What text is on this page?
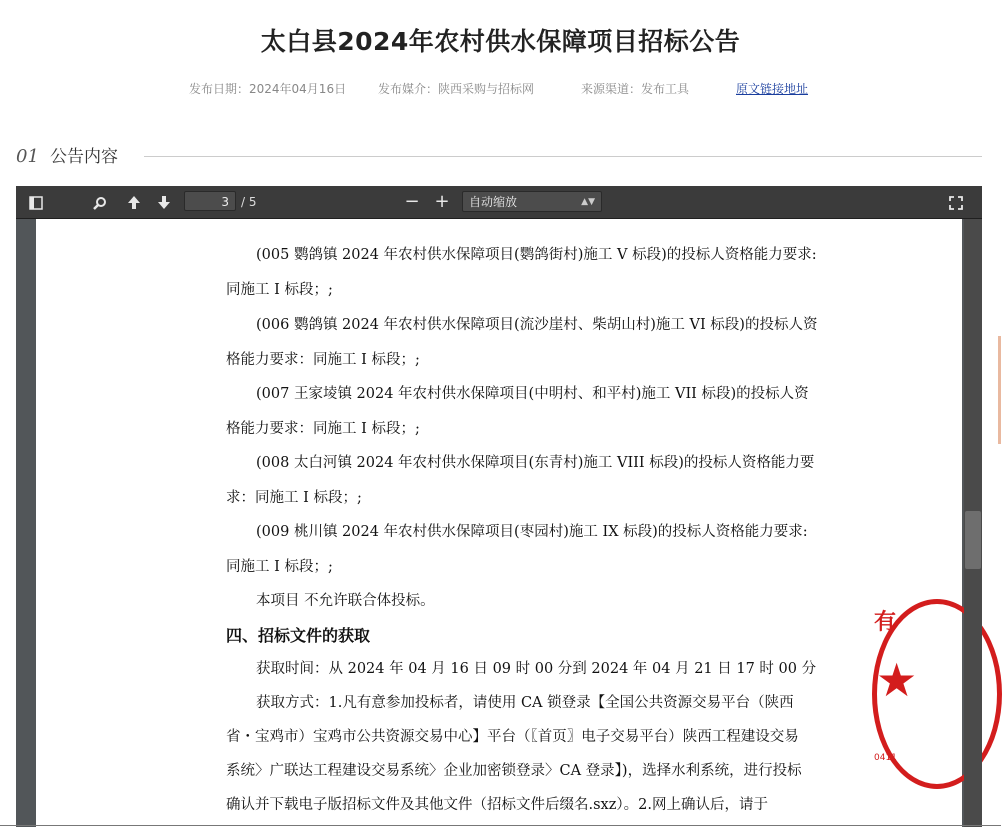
太白县2024年农村供水保障项目招标公告
发布日期：2024年04月16日	发布媒介：陕西采购与招标网	来源渠道：发布工具	原文链接地址
01 公告内容
3	/ 5	− +	自动缩放	▲▼
(005 鹦鸽镇 2024 年农村供水保障项目(鹦鸽街村)施工 V 标段)的投标人资格能力要求:
同施工 I 标段；;
(006 鹦鸽镇 2024 年农村供水保障项目(流沙崖村、柴胡山村)施工 VI 标段)的投标人资
格能力要求：同施工 I 标段；;
(007 王家堎镇 2024 年农村供水保障项目(中明村、和平村)施工 VII 标段)的投标人资
格能力要求：同施工 I 标段；;
(008 太白河镇 2024 年农村供水保障项目(东青村)施工 VIII 标段)的投标人资格能力要
求：同施工 I 标段；;
(009 桃川镇 2024 年农村供水保障项目(枣园村)施工 IX 标段)的投标人资格能力要求:
同施工 I 标段；;
本项目 不允许联合体投标。
四、招标文件的获取
获取时间：从 2024 年 04 月 16 日 09 时 00 分到 2024 年 04 月 21 日 17 时 00 分
获取方式：1.凡有意参加投标者，请使用 CA 锁登录【全国公共资源交易平台（陕西
省・宝鸡市）宝鸡市公共资源交易中心】平台（〖首页〗电子交易平台）陕西工程建设交易
系统〉广联达工程建设交易系统〉企业加密锁登录〉CA 登录】)，选择水利系统，进行投标
确认并下载电子版招标文件及其他文件（招标文件后缀名.sxz）。2.网上确认后，请于
有
★
0411
